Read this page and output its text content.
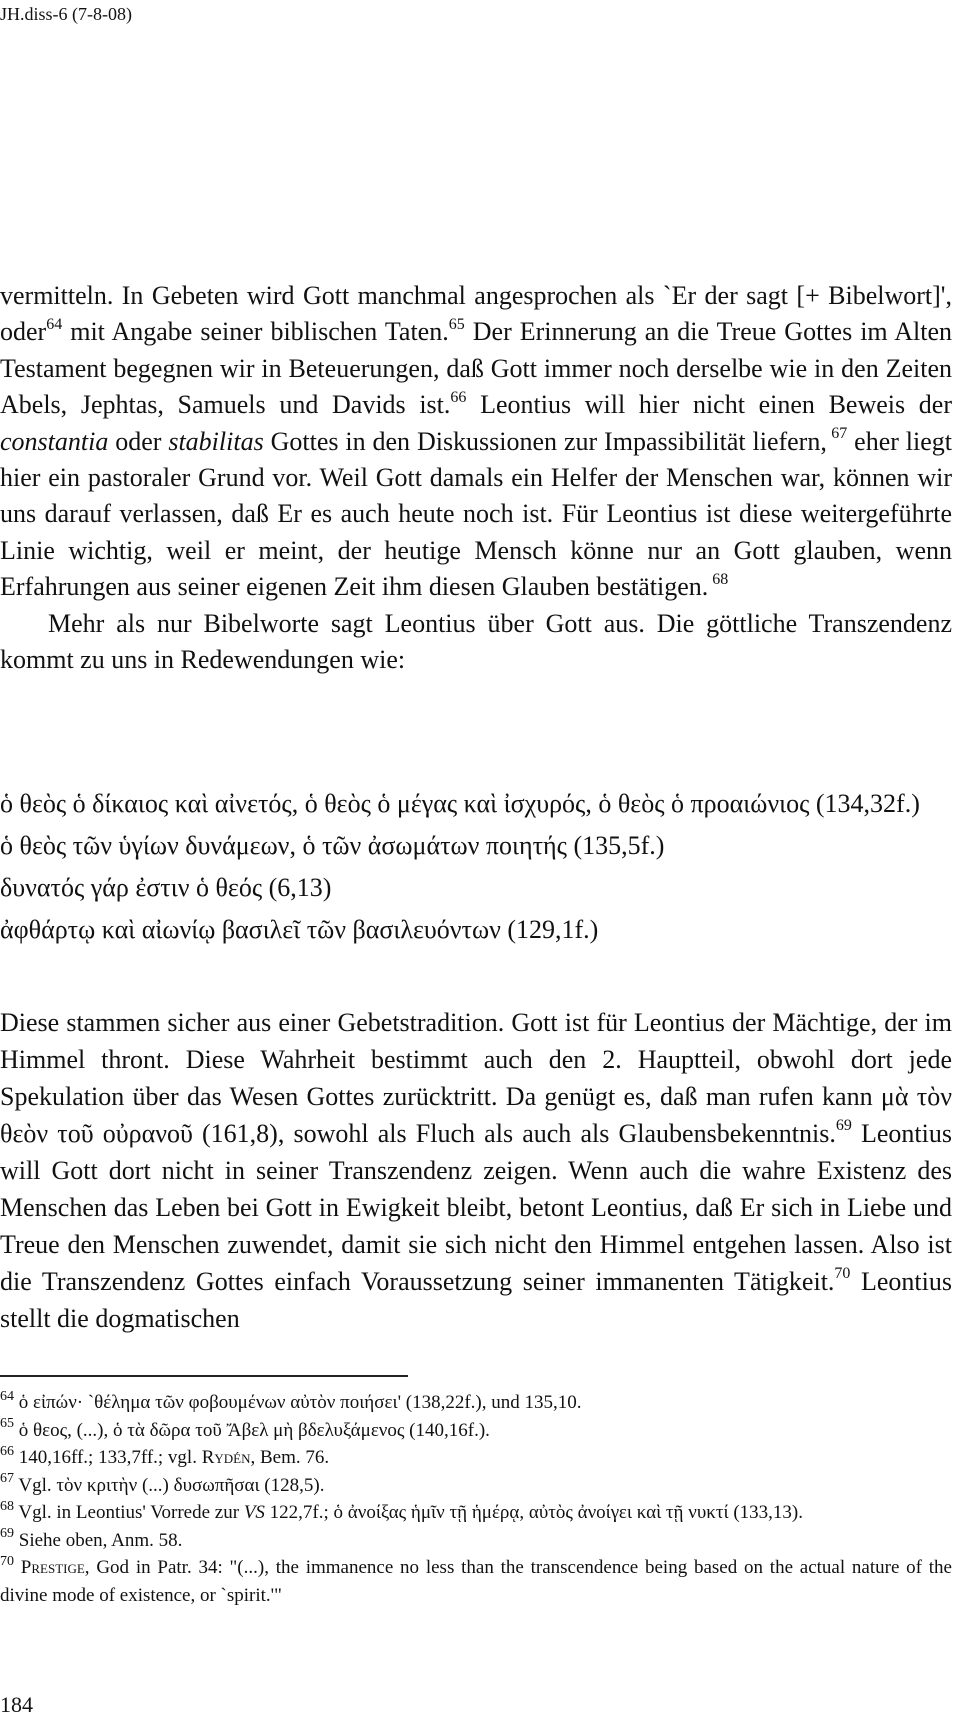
JH.diss-6 (7-8-08)

vermitteln. In Gebeten wird Gott manchmal angesprochen als `Er der sagt [+ Bibelwort]', oder$^{64}$ mit Angabe seiner biblischen Taten.$^{65}$ Der Erinnerung an die Treue Gottes im Alten Testament begegnen wir in Beteuerungen, daß Gott immer noch derselbe wie in den Zeiten Abels, Jephtas, Samuels und Davids ist.$^{66}$ Leontius will hier nicht einen Beweis der constantia oder stabilitas Gottes in den Diskussionen zur Impassibilität liefern, $^{67}$ eher liegt hier ein pastoraler Grund vor. Weil Gott damals ein Helfer der Menschen war, können wir uns darauf verlassen, daß Er es auch heute noch ist. Für Leontius ist diese weitergeführte Linie wichtig, weil er meint, der heutige Mensch könne nur an Gott glauben, wenn Erfahrungen aus seiner eigenen Zeit ihm diesen Glauben bestätigen. $^{68}$

Mehr als nur Bibelworte sagt Leontius über Gott aus. Die göttliche Transzendenz kommt zu uns in Redewendungen wie:

ὁ θεὸς ὁ δίκαιος καὶ αἰνετός, ὁ θεὸς ὁ μέγας καὶ ἰσχυρός, ὁ θεὸς ὁ προαιώνιος (134,32f.)
ὁ θεὸς τῶν ὑγίων δυνάμεων, ὁ τῶν ἀσωμάτων ποιητής (135,5f.)
δυνατός γάρ ἐστιν ὁ θεός (6,13)
ἀφθάρτῳ καὶ αἰωνίῳ βασιλεῖ τῶν βασιλευόντων (129,1f.)

Diese stammen sicher aus einer Gebetstradition. Gott ist für Leontius der Mächtige, der im Himmel thront. Diese Wahrheit bestimmt auch den 2. Hauptteil, obwohl dort jede Spekulation über das Wesen Gottes zurücktritt. Da genügt es, daß man rufen kann μὰ τὸν θεὸν τοῦ οὐρανοῦ (161,8), sowohl als Fluch als auch als Glaubensbekenntnis.$^{69}$ Leontius will Gott dort nicht in seiner Transzendenz zeigen. Wenn auch die wahre Existenz des Menschen das Leben bei Gott in Ewigkeit bleibt, betont Leontius, daß Er sich in Liebe und Treue den Menschen zuwendet, damit sie sich nicht den Himmel entgehen lassen. Also ist die Transzendenz Gottes einfach Voraussetzung seiner immanenten Tätigkeit.$^{70}$ Leontius stellt die dogmatischen

$^{64}$ ὁ εἰπών· `θέλημα τῶν φοβουμένων αὐτὸν ποιήσει' (138,22f.), und 135,10.

$^{65}$ ὁ θεος, (...), ὁ τὰ δῶρα τοῦ Ἄβελ μὴ βδελυξάμενος (140,16f.).

$^{66}$ 140,16ff.; 133,7ff.; vgl. Rydén, Bem. 76.

$^{67}$ Vgl. τὸν κριτὴν (...) δυσωπῆσαι (128,5).

$^{68}$ Vgl. in Leontius' Vorrede zur VS 122,7f.; ὁ ἀνοίξας ἡμῖν τῇ ἡμέρᾳ, αὐτὸς ἀνοίγει καὶ τῇ νυκτί (133,13).

$^{69}$ Siehe oben, Anm. 58.

$^{70}$ Prestige, God in Patr. 34: "(...), the immanence no less than the transcendence being based on the actual nature of the divine mode of existence, or `spirit.'"

184
